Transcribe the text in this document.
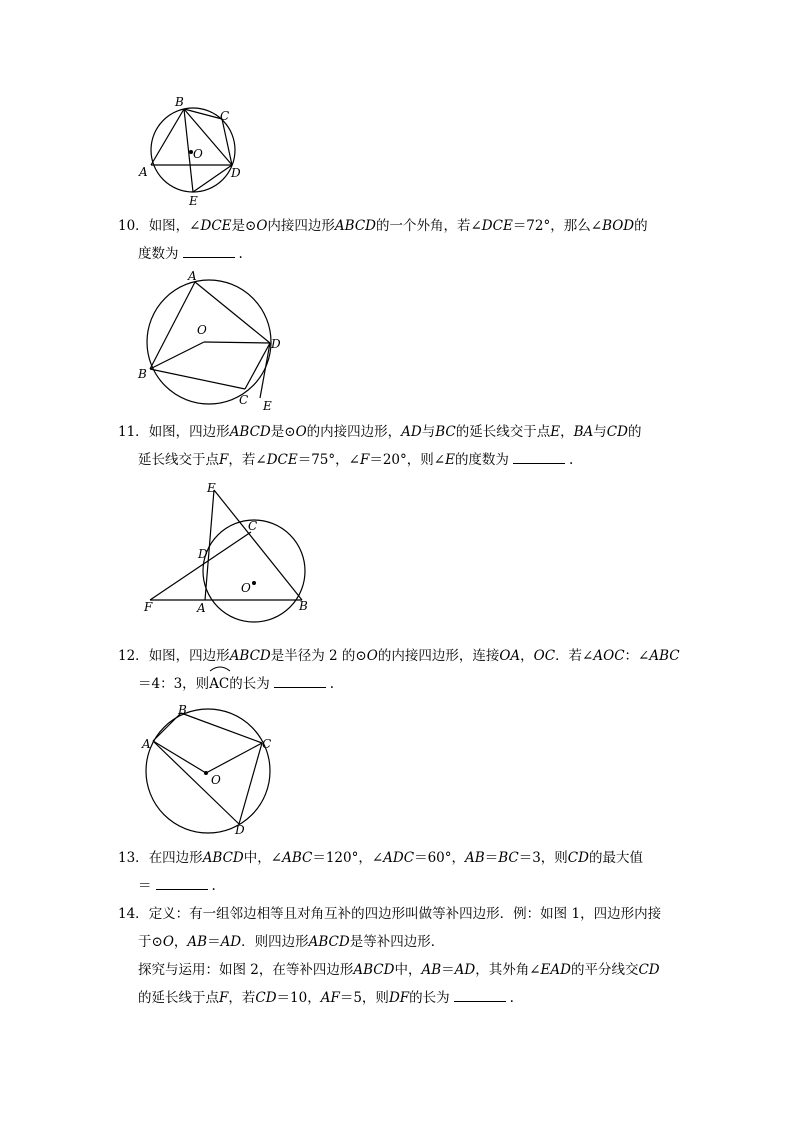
B
C
O
A	D
E
10．如图，∠DCE是⊙O内接四边形ABCD的一个外角，若∠DCE＝72°，那么∠BOD的
度数为	.
A
O
D
B
C E
11．如图，四边形ABCD是⊙O的内接四边形，AD与BC的延长线交于点E，BA与CD的
延长线交于点F，若∠DCE＝75°，∠F＝20°，则∠E的度数为	.
E
C
D
O
F	A	B
12．如图，四边形ABCD是半径为 2 的⊙O的内接四边形，连接OA，OC．若∠AOC：∠ABC
＝4：3，则
AC的长为	.
B
A	C
O
D
13．在四边形ABCD中，∠ABC＝120°，∠ADC＝60°，AB＝BC＝3，则CD的最大值
＝	.
14．定义：有一组邻边相等且对角互补的四边形叫做等补四边形．例：如图 1，四边形内接
于⊙O，AB＝AD．则四边形ABCD是等补四边形．
探究与运用：如图 2，在等补四边形ABCD中，AB＝AD，其外角∠EAD的平分线交CD
的延长线于点F，若CD＝10，AF＝5，则DF的长为	.
